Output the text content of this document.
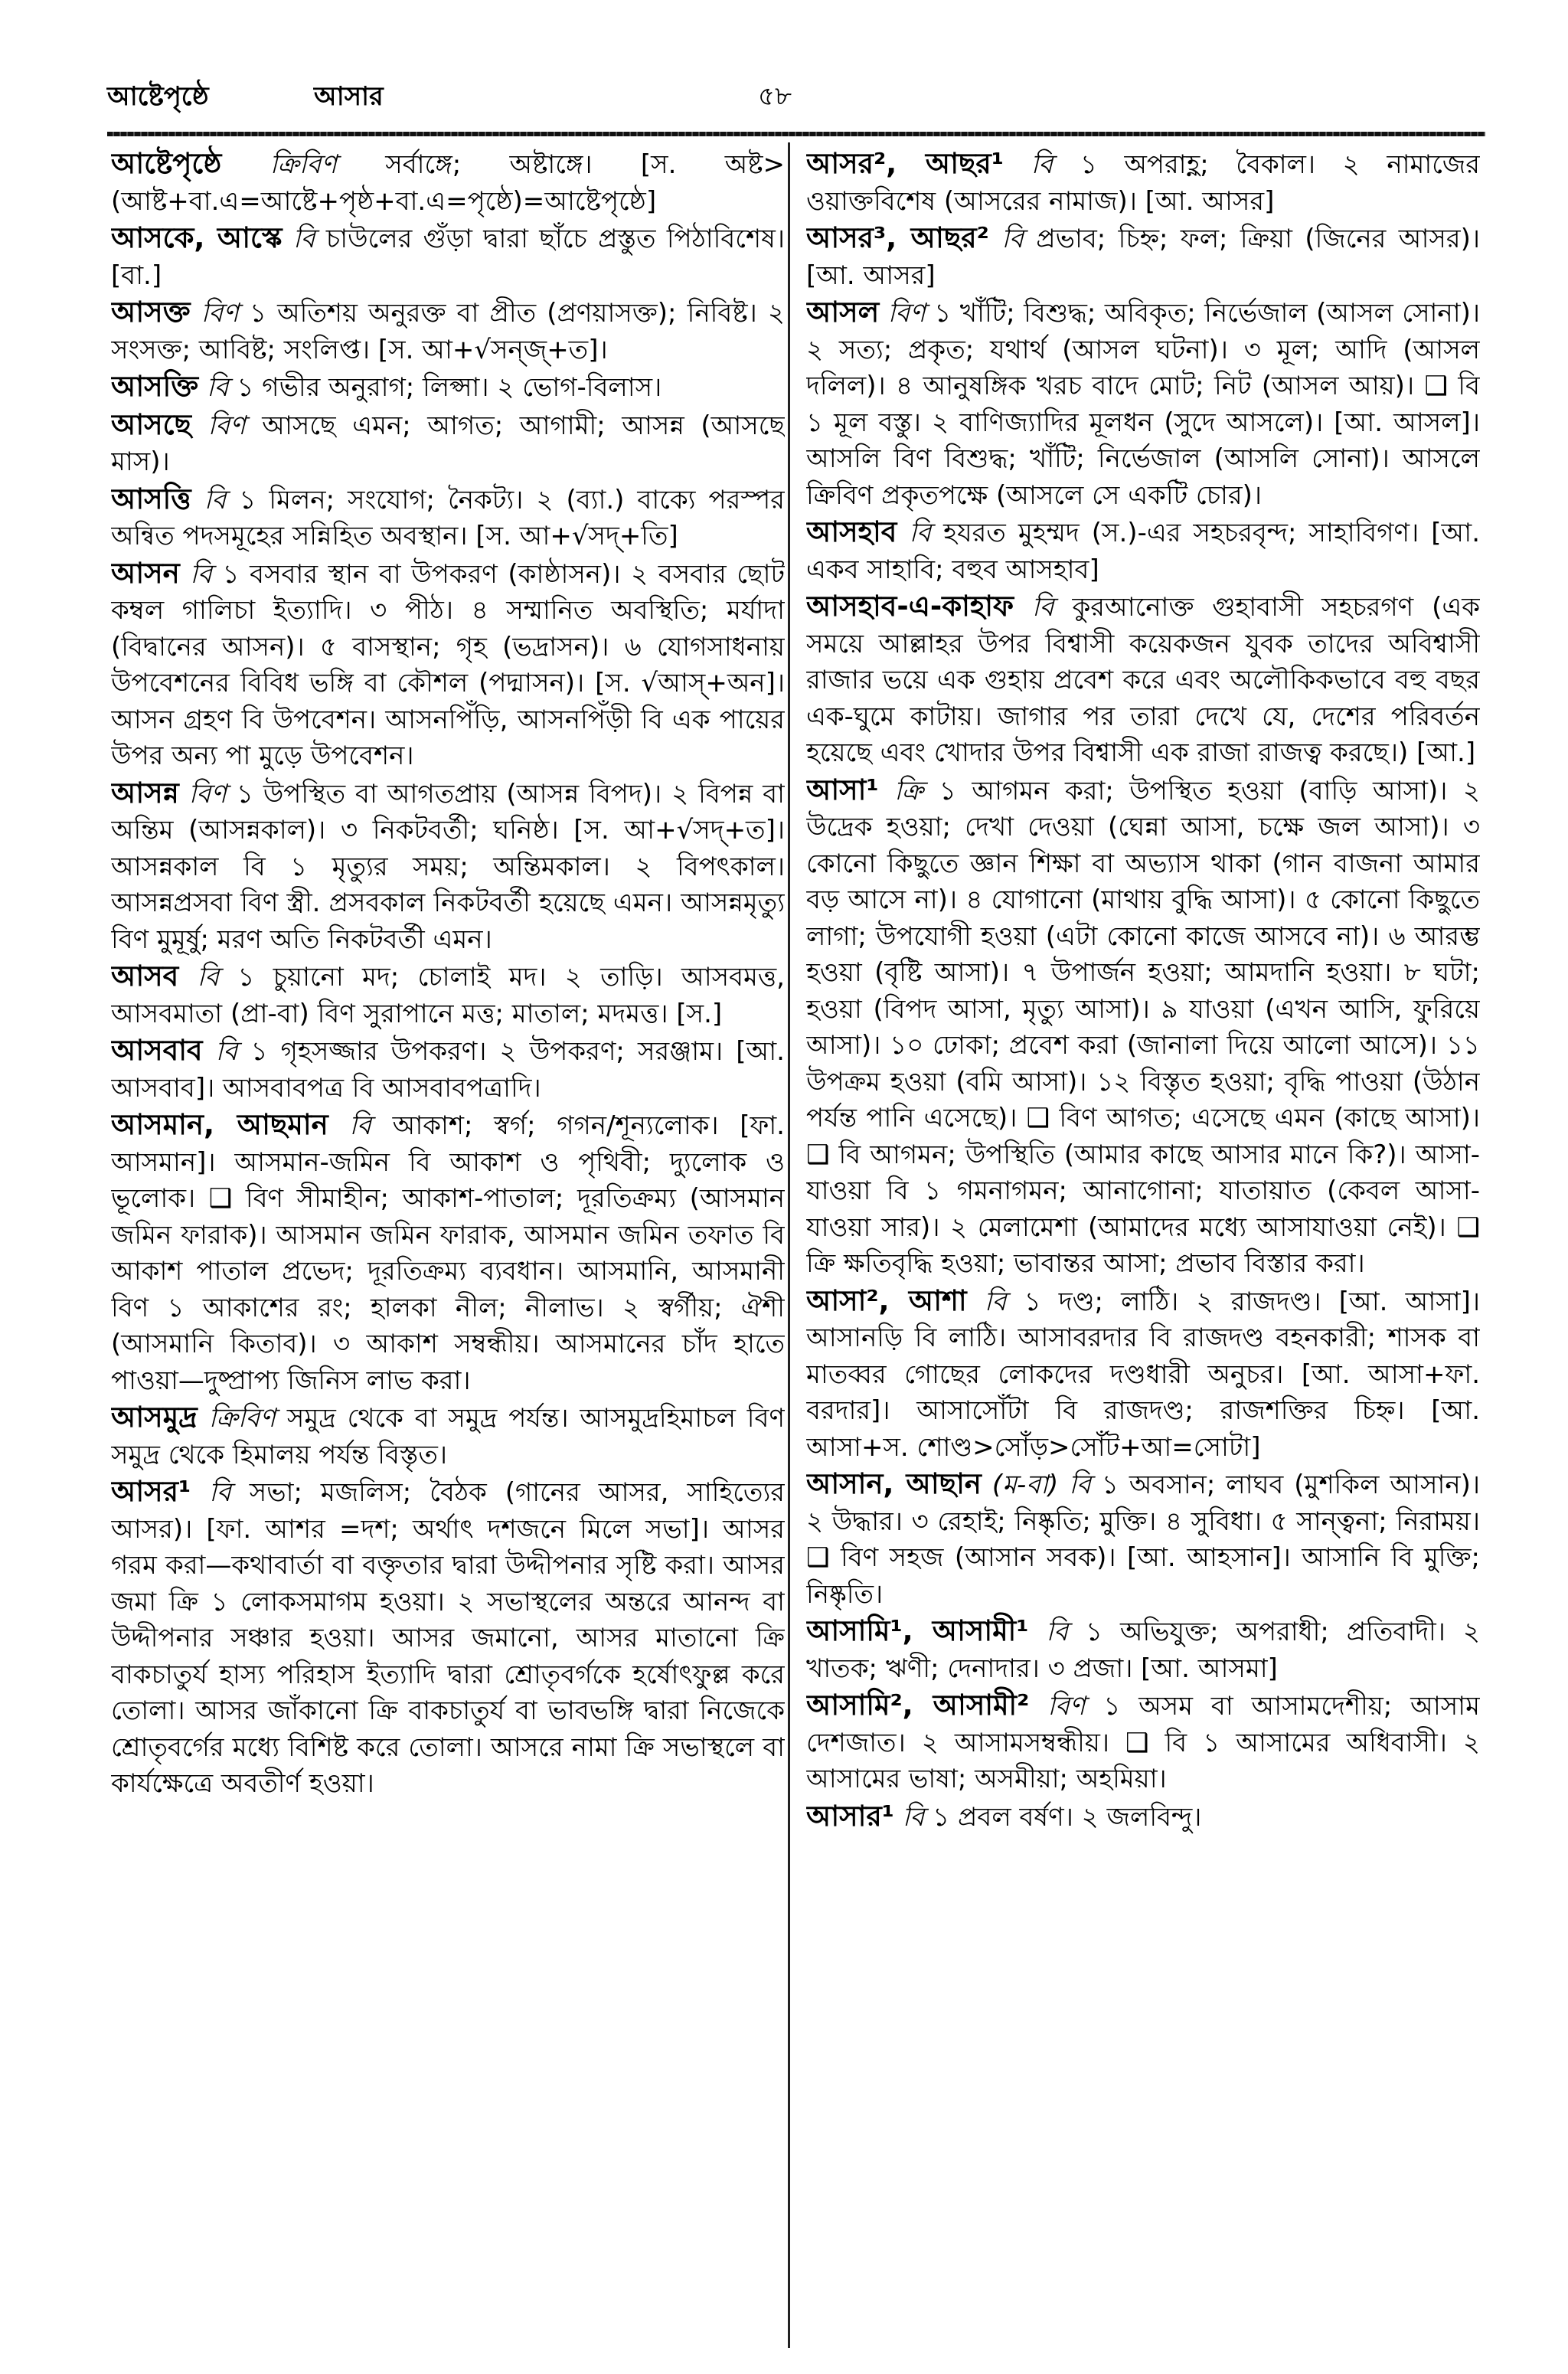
আষ্টেপৃষ্ঠে	আসার	৫৮

আষ্টেপৃষ্ঠে ক্রিবিণ সর্বাঙ্গে; অষ্টাঙ্গে। [স. অষ্ট>(আষ্ট+বা.এ=আষ্টে+পৃষ্ঠ+বা.এ=পৃষ্ঠে)=আষ্টেপৃষ্ঠে]

আসকে, আস্কে বি চাউলের গুঁড়া দ্বারা ছাঁচে প্রস্তুত পিঠাবিশেষ। [বা.]

আসক্ত বিণ ১ অতিশয় অনুরক্ত বা প্রীত (প্রণয়াসক্ত); নিবিষ্ট। ২ সংসক্ত; আবিষ্ট; সংলিপ্ত। [স. আ+√সন্‌জ্‌+ত]।

আসক্তি বি ১ গভীর অনুরাগ; লিপ্সা। ২ ভোগ-বিলাস।

আসছে বিণ আসছে এমন; আগত; আগামী; আসন্ন (আসছে মাস)।

আসত্তি বি ১ মিলন; সংযোগ; নৈকট্য। ২ (ব্যা.) বাক্যে পরস্পর অন্বিত পদসমূহের সন্নিহিত অবস্থান। [স. আ+√সদ্‌+তি]

আসন বি ১ বসবার স্থান বা উপকরণ (কাষ্ঠাসন)। ২ বসবার ছোট কম্বল গালিচা ইত্যাদি। ৩ পীঠ। ৪ সম্মানিত অবস্থিতি; মর্যাদা (বিদ্বানের আসন)। ৫ বাসস্থান; গৃহ (ভদ্রাসন)। ৬ যোগসাধনায় উপবেশনের বিবিধ ভঙ্গি বা কৌশল (পদ্মাসন)। [স. √আস্‌+অন]। আসন গ্রহণ বি উপবেশন। আসনপিঁড়ি, আসনপিঁড়ী বি এক পায়ের উপর অন্য পা মুড়ে উপবেশন।

আসন্ন বিণ ১ উপস্থিত বা আগতপ্রায় (আসন্ন বিপদ)। ২ বিপন্ন বা অন্তিম (আসন্নকাল)। ৩ নিকটবর্তী; ঘনিষ্ঠ। [স. আ+√সদ্‌+ত]। আসন্নকাল বি ১ মৃত্যুর সময়; অন্তিমকাল। ২ বিপৎকাল। আসন্নপ্রসবা বিণ স্ত্রী. প্রসবকাল নিকটবর্তী হয়েছে এমন। আসন্নমৃত্যু বিণ মুমূর্ষু; মরণ অতি নিকটবর্তী এমন।

আসব বি ১ চুয়ানো মদ; চোলাই মদ। ২ তাড়ি। আসবমত্ত, আসবমাতা (প্রা-বা) বিণ সুরাপানে মত্ত; মাতাল; মদমত্ত। [স.]

আসবাব বি ১ গৃহসজ্জার উপকরণ। ২ উপকরণ; সরঞ্জাম। [আ. আসবাব]। আসবাবপত্র বি আসবাবপত্রাদি।

আসমান, আছমান বি আকাশ; স্বর্গ; গগন/শূন্যলোক। [ফা. আসমান]। আসমান-জমিন বি আকাশ ও পৃথিবী; দ্যুলোক ও ভূলোক। ❑ বিণ সীমাহীন; আকাশ-পাতাল; দূরতিক্রম্য (আসমান জমিন ফারাক)। আসমান জমিন ফারাক, আসমান জমিন তফাত বি আকাশ পাতাল প্রভেদ; দূরতিক্রম্য ব্যবধান। আসমানি, আসমানী বিণ ১ আকাশের রং; হালকা নীল; নীলাভ। ২ স্বর্গীয়; ঐশী (আসমানি কিতাব)। ৩ আকাশ সম্বন্ধীয়। আসমানের চাঁদ হাতে পাওয়া—দুষ্প্রাপ্য জিনিস লাভ করা।

আসমুদ্র ক্রিবিণ সমুদ্র থেকে বা সমুদ্র পর্যন্ত। আসমুদ্রহিমাচল বিণ সমুদ্র থেকে হিমালয় পর্যন্ত বিস্তৃত।

আসর¹ বি সভা; মজলিস; বৈঠক (গানের আসর, সাহিত্যের আসর)। [ফা. আশর =দশ; অর্থাৎ দশজনে মিলে সভা]। আসর গরম করা—কথাবার্তা বা বক্তৃতার দ্বারা উদ্দীপনার সৃষ্টি করা। আসর জমা ক্রি ১ লোকসমাগম হওয়া। ২ সভাস্থলের অন্তরে আনন্দ বা উদ্দীপনার সঞ্চার হওয়া। আসর জমানো, আসর মাতানো ক্রি বাকচাতুর্য হাস্য পরিহাস ইত্যাদি দ্বারা শ্রোতৃবর্গকে হর্ষোৎফুল্ল করে তোলা। আসর জাঁকানো ক্রি বাকচাতুর্য বা ভাবভঙ্গি দ্বারা নিজেকে শ্রোতৃবর্গের মধ্যে বিশিষ্ট করে তোলা। আসরে নামা ক্রি সভাস্থলে বা কার্যক্ষেত্রে অবতীর্ণ হওয়া।

আসর², আছর¹ বি ১ অপরাহ্ণ; বৈকাল। ২ নামাজের ওয়াক্তবিশেষ (আসরের নামাজ)। [আ. আসর]

আসর³, আছর² বি প্রভাব; চিহ্ন; ফল; ক্রিয়া (জিনের আসর)। [আ. আসর]

আসল বিণ ১ খাঁটি; বিশুদ্ধ; অবিকৃত; নির্ভেজাল (আসল সোনা)। ২ সত্য; প্রকৃত; যথার্থ (আসল ঘটনা)। ৩ মূল; আদি (আসল দলিল)। ৪ আনুষঙ্গিক খরচ বাদে মোট; নিট (আসল আয়)। ❑ বি ১ মূল বস্তু। ২ বাণিজ্যাদির মূলধন (সুদে আসলে)। [আ. আসল]। আসলি বিণ বিশুদ্ধ; খাঁটি; নির্ভেজাল (আসলি সোনা)। আসলে ক্রিবিণ প্রকৃতপক্ষে (আসলে সে একটি চোর)।

আসহাব বি হযরত মুহম্মদ (স.)-এর সহচরবৃন্দ; সাহাবিগণ। [আ. একব সাহাবি; বহুব আসহাব]

আসহাব-এ-কাহাফ বি কুরআনোক্ত গুহাবাসী সহচরগণ (এক সময়ে আল্লাহর উপর বিশ্বাসী কয়েকজন যুবক তাদের অবিশ্বাসী রাজার ভয়ে এক গুহায় প্রবেশ করে এবং অলৌকিকভাবে বহু বছর এক-ঘুমে কাটায়। জাগার পর তারা দেখে যে, দেশের পরিবর্তন হয়েছে এবং খোদার উপর বিশ্বাসী এক রাজা রাজত্ব করছে।) [আ.]

আসা¹ ক্রি ১ আগমন করা; উপস্থিত হওয়া (বাড়ি আসা)। ২ উদ্রেক হওয়া; দেখা দেওয়া (ঘেন্না আসা, চক্ষে জল আসা)। ৩ কোনো কিছুতে জ্ঞান শিক্ষা বা অভ্যাস থাকা (গান বাজনা আমার বড় আসে না)। ৪ যোগানো (মাথায় বুদ্ধি আসা)। ৫ কোনো কিছুতে লাগা; উপযোগী হওয়া (এটা কোনো কাজে আসবে না)। ৬ আরম্ভ হওয়া (বৃষ্টি আসা)। ৭ উপার্জন হওয়া; আমদানি হওয়া। ৮ ঘটা; হওয়া (বিপদ আসা, মৃত্যু আসা)। ৯ যাওয়া (এখন আসি, ফুরিয়ে আসা)। ১০ ঢোকা; প্রবেশ করা (জানালা দিয়ে আলো আসে)। ১১ উপক্রম হওয়া (বমি আসা)। ১২ বিস্তৃত হওয়া; বৃদ্ধি পাওয়া (উঠান পর্যন্ত পানি এসেছে)। ❑ বিণ আগত; এসেছে এমন (কাছে আসা)। ❑ বি আগমন; উপস্থিতি (আমার কাছে আসার মানে কি?)। আসা-যাওয়া বি ১ গমনাগমন; আনাগোনা; যাতায়াত (কেবল আসা-যাওয়া সার)। ২ মেলামেশা (আমাদের মধ্যে আসাযাওয়া নেই)। ❑ ক্রি ক্ষতিবৃদ্ধি হওয়া; ভাবান্তর আসা; প্রভাব বিস্তার করা।

আসা², আশা বি ১ দণ্ড; লাঠি। ২ রাজদণ্ড। [আ. আসা]। আসানড়ি বি লাঠি। আসাবরদার বি রাজদণ্ড বহনকারী; শাসক বা মাতব্বর গোছের লোকদের দণ্ডধারী অনুচর। [আ. আসা+ফা. বরদার]। আসাসোঁটা বি রাজদণ্ড; রাজশক্তির চিহ্ন। [আ. আসা+স. শোণ্ড>সোঁড়>সোঁট+আ=সোটা]

আসান, আছান (ম-বা) বি ১ অবসান; লাঘব (মুশকিল আসান)। ২ উদ্ধার। ৩ রেহাই; নিষ্কৃতি; মুক্তি। ৪ সুবিধা। ৫ সান্ত্বনা; নিরাময়। ❑ বিণ সহজ (আসান সবক)। [আ. আহসান]। আসানি বি মুক্তি; নিষ্কৃতি।

আসামি¹, আসামী¹ বি ১ অভিযুক্ত; অপরাধী; প্রতিবাদী। ২ খাতক; ঋণী; দেনাদার। ৩ প্রজা। [আ. আসমা]

আসামি², আসামী² বিণ ১ অসম বা আসামদেশীয়; আসাম দেশজাত। ২ আসামসম্বন্ধীয়। ❑ বি ১ আসামের অধিবাসী। ২ আসামের ভাষা; অসমীয়া; অহমিয়া।

আসার¹ বি ১ প্রবল বর্ষণ। ২ জলবিন্দু।
